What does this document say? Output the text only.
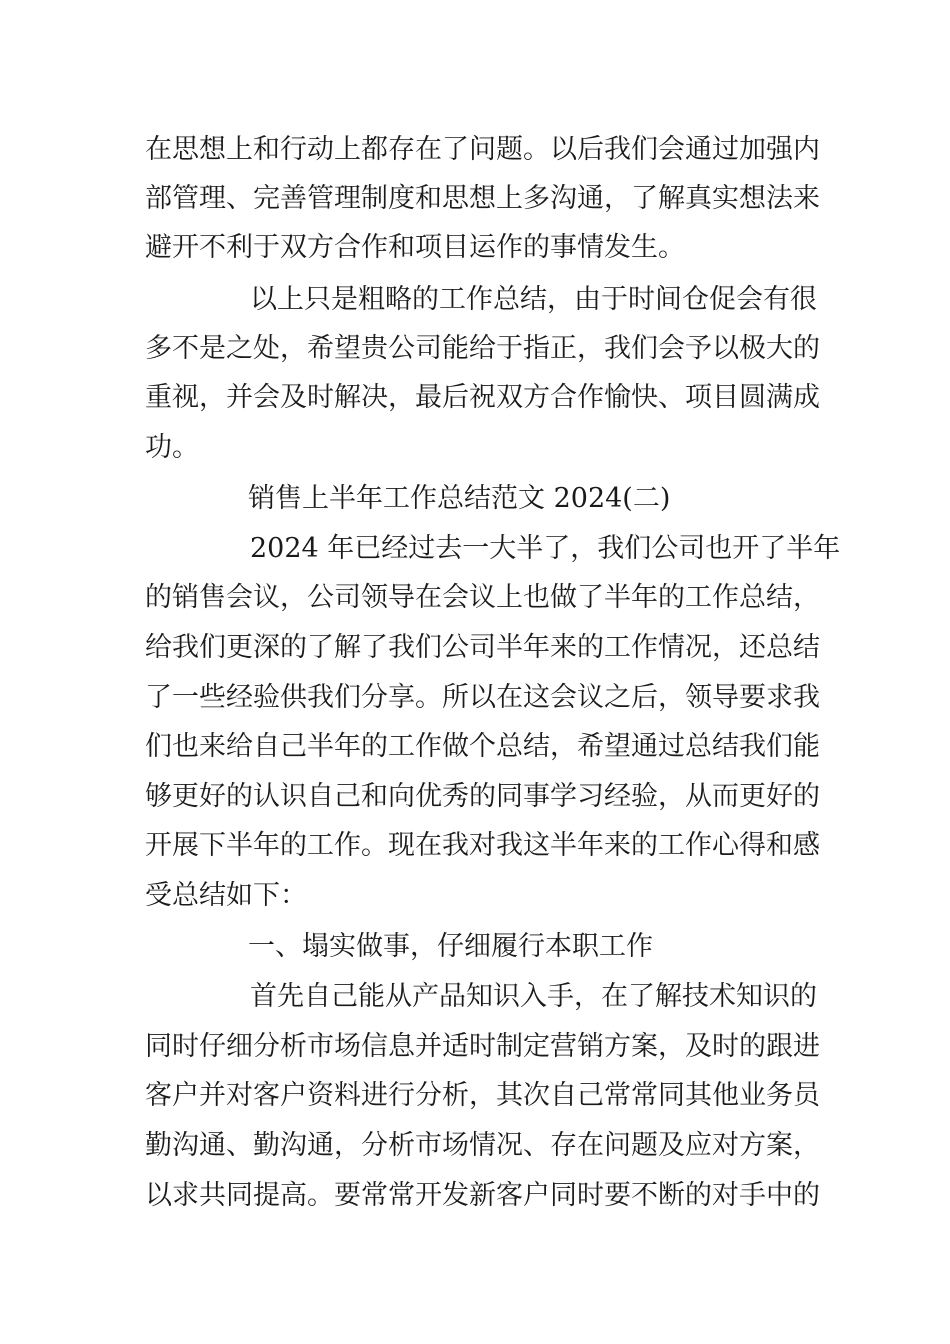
在思想上和行动上都存在了问题。以后我们会通过加强内
部管理、完善管理制度和思想上多沟通，了解真实想法来
避开不利于双方合作和项目运作的事情发生。
以上只是粗略的工作总结，由于时间仓促会有很
多不是之处，希望贵公司能给于指正，我们会予以极大的
重视，并会及时解决，最后祝双方合作愉快、项目圆满成
功。
销售上半年工作总结范文 2024(二)
2024 年已经过去一大半了，我们公司也开了半年
的销售会议，公司领导在会议上也做了半年的工作总结，
给我们更深的了解了我们公司半年来的工作情况，还总结
了一些经验供我们分享。所以在这会议之后，领导要求我
们也来给自己半年的工作做个总结，希望通过总结我们能
够更好的认识自己和向优秀的同事学习经验，从而更好的
开展下半年的工作。现在我对我这半年来的工作心得和感
受总结如下：
一、塌实做事，仔细履行本职工作
首先自己能从产品知识入手，在了解技术知识的
同时仔细分析市场信息并适时制定营销方案，及时的跟进
客户并对客户资料进行分析，其次自己常常同其他业务员
勤沟通、勤沟通，分析市场情况、存在问题及应对方案，
以求共同提高。要常常开发新客户同时要不断的对手中的
